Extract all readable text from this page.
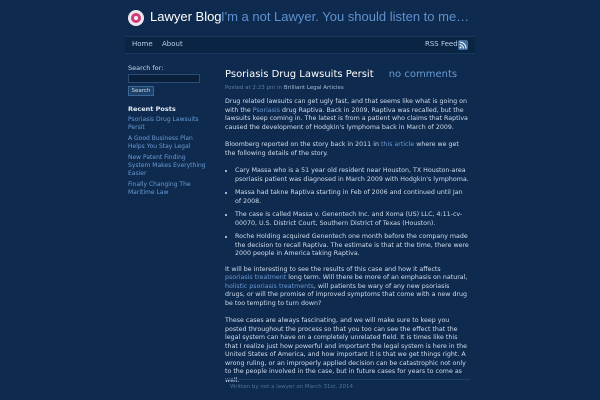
Lawyer Blog I'm a not Lawyer. You should listen to me…
Home About	RSS Feed
Search for:
Search
Recent Posts
Psoriasis Drug Lawsuits Persit
A Good Business Plan Helps You Stay Legal
New Patent Finding System Makes Everything Easier
Finally Changing The Maritime Law
Psoriasis Drug Lawsuits Persit no comments
Posted at 2:23 pm in Brilliant Legal Articles

Drug related lawsuits can get ugly fast, and that seems like what is going on with the Psoriasis drug Raptiva. Back in 2009, Raptiva was recalled, but the lawsuits keep coming in. The latest is from a patient who claims that Raptiva caused the development of Hodgkin's lymphoma back in March of 2009.

Bloomberg reported on the story back in 2011 in this article where we get the following details of the story.

• Cary Massa who is a 51 year old resident near Houston, TX Houston-area psoriasis patient was diagnosed in March 2009 with Hodgkin's lymphoma.
• Massa had takne Raptiva starting in Feb of 2006 and continued until Jan of 2008.
• The case is called Massa v. Genentech Inc. and Xoma (US) LLC, 4:11-cv-00070, U.S. District Court, Southern District of Texas (Houston).
• Roche Holding acquired Genentech one month before the company made the decision to recall Raptiva. The estimate is that at the time, there were 2000 people in America taking Raptiva.

It will be interesting to see the results of this case and how it affects psoriasis treatment long term. Will there be more of an emphasis on natural, holistic psoriasis treatments, will patients be wary of any new psoriasis drugs, or will the promise of improved symptoms that come with a new drug be too tempting to turn down?

These cases are always fascinating, and we will make sure to keep you posted throughout the process so that you too can see the effect that the legal system can have on a completely unrelated field. It is times like this that I realize just how powerful and important the legal system is here in the United States of America, and how important it is that we get things right. A wrong ruling, or an improperly applied decision can be catastrophic not only to the people involved in the case, but in future cases for years to come as well.

Written by not a lawyer on March 31st, 2014
